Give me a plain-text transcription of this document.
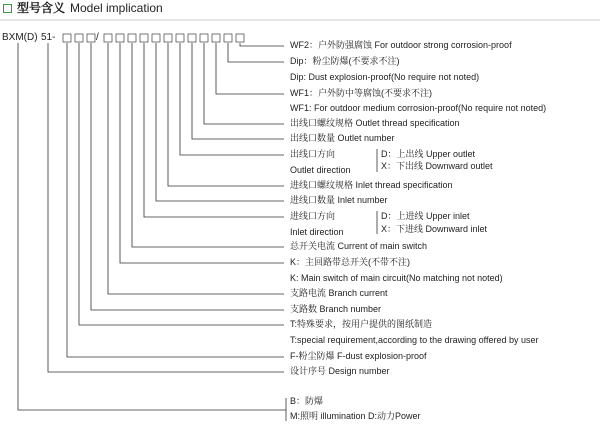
型号含义 Model implication
BXM(D) 51-	/
WF2：户外防强腐蚀 For outdoor strong corrosion-proof
Dip：粉尘防爆(不要求不注)
Dip: Dust explosion-proof(No require not noted)
WF1：户外防中等腐蚀(不要求不注)
WF1: For outdoor medium corrosion-proof(No require not noted)
出线口螺纹规格 Outlet thread specification
出线口数量 Outlet number
出线口方向
Outlet direction
D：上出线 Upper outlet
X：下出线 Downward outlet
进线口螺纹规格 Inlet thread specification
进线口数量 Inlet number
进线口方向
Inlet direction
D：上进线 Upper inlet
X：下进线 Downward inlet
总开关电流 Current of main switch
K：主回路带总开关(不带不注)
K: Main switch of main circuit(No matching not noted)
支路电流 Branch current
支路数 Branch number
T:特殊要求，按用户提供的图纸制造
T:special requirement,according to the drawing offered by user
F-粉尘防爆 F-dust explosion-proof
设计序号 Design number
B：防爆
M:照明 illumination D:动力Power
